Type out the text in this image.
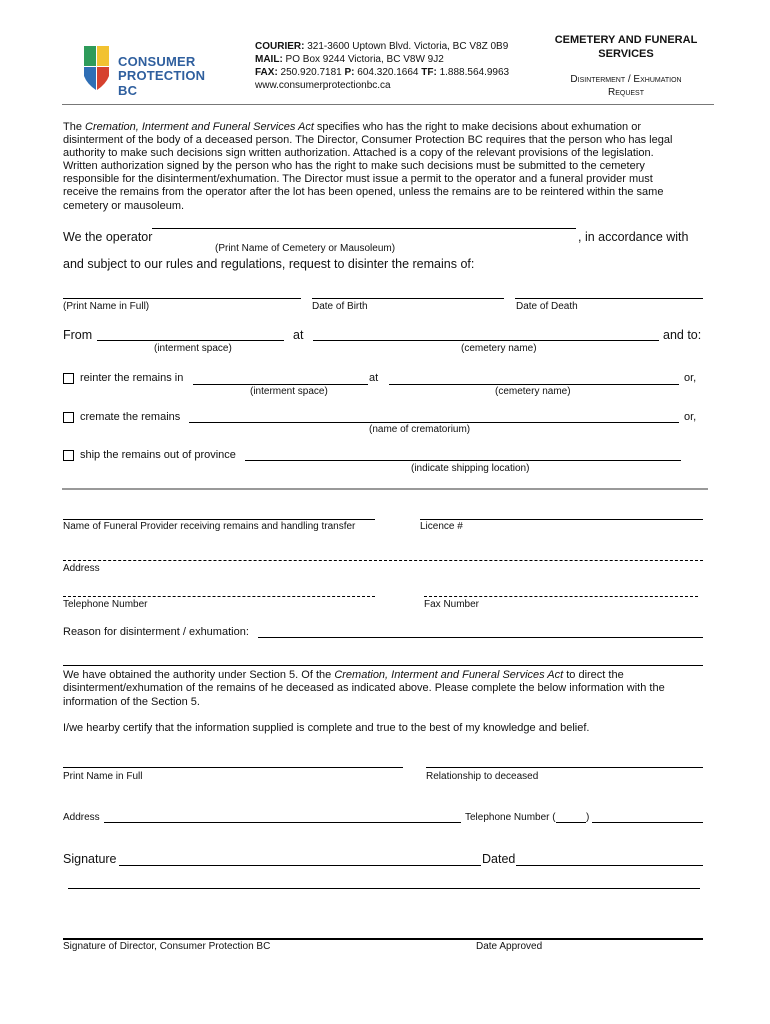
CONSUMER
PROTECTION BC
COURIER: 321-3600 Uptown Blvd. Victoria, BC V8Z 0B9
MAIL: PO Box 9244 Victoria, BC V8W 9J2
FAX: 250.920.7181 P: 604.320.1664 TF: 1.888.564.9963
www.consumerprotectionbc.ca
CEMETERY AND FUNERAL
SERVICES
Disinterment / Exhumation
Request

The Cremation, Interment and Funeral Services Act specifies who has the right to make decisions about exhumation or

disinterment of the body of a deceased person. The Director, Consumer Protection BC requires that the person who has legal

authority to make such decisions sign written authorization. Attached is a copy of the relevant provisions of the legislation.

Written authorization signed by the person who has the right to make such decisions must be submitted to the cemetery

responsible for the disinterment/exhumation. The Director must issue a permit to the operator and a funeral provider must

receive the remains from the operator after the lot has been opened, unless the remains are to be reintered within the same

cemetery or mausoleum.

We the operator	, in accordance with
(Print Name of Cemetery or Mausoleum)
and subject to our rules and regulations, request to disinter the remains of:
(Print Name in Full)	Date of Birth	Date of Death
From	at	and to:
(interment space)	(cemetery name)
reinter the remains in	at	or,
(interment space)	(cemetery name)
cremate the remains	or,
(name of crematorium)
ship the remains out of province
(indicate shipping location)
Name of Funeral Provider receiving remains and handling transfer	Licence #
Address
Telephone Number	Fax Number
Reason for disinterment / exhumation:
We have obtained the authority under Section 5. Of the Cremation, Interment and Funeral Services Act to direct the
disinterment/exhumation of the remains of he deceased as indicated above. Please complete the below information with the
information of the Section 5.
I/we hearby certify that the information supplied is complete and true to the best of my knowledge and belief.
Print Name in Full	Relationship to deceased
Address	Telephone Number (	)
Signature	Dated
Signature of Director, Consumer Protection BC	Date Approved
